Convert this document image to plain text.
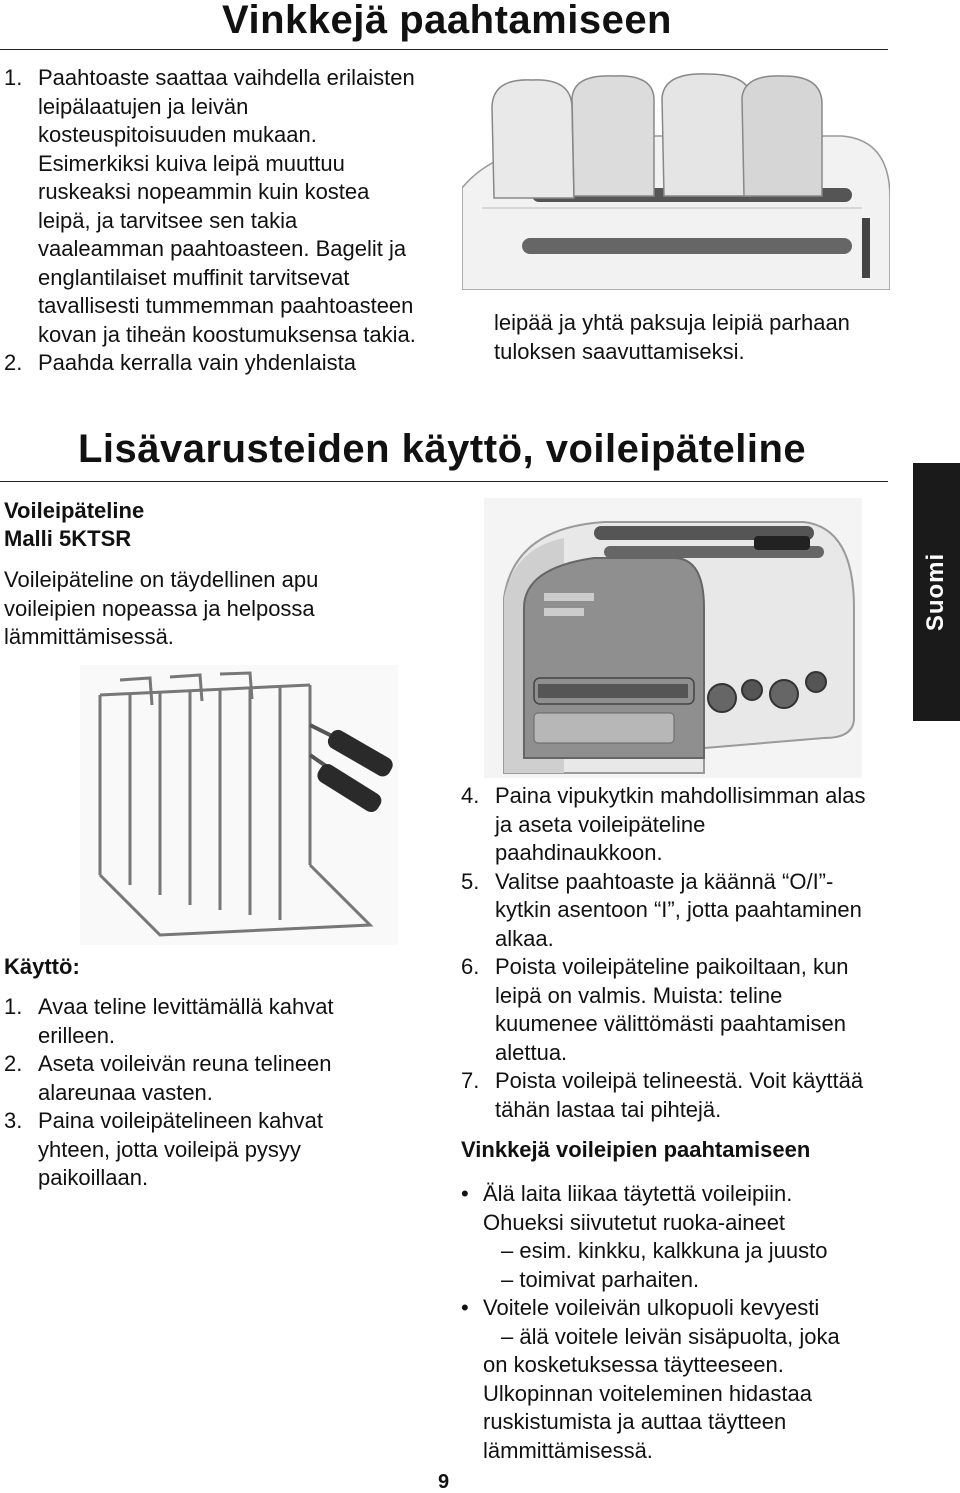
Vinkkejä paahtamiseen
1. Paahtoaste saattaa vaihdella erilaisten leipälaatujen ja leivän kosteuspitoisuuden mukaan. Esimerkiksi kuiva leipä muuttuu ruskeaksi nopeammin kuin kostea leipä, ja tarvitsee sen takia vaaleamman paahtoasteen. Bagelit ja englantilaiset muffinit tarvitsevat tavallisesti tummemman paahtoasteen kovan ja tiheän koostumuksensa takia.
2. Paahda kerralla vain yhdenlaista
leipää ja yhtä paksuja leipiä parhaan tuloksen saavuttamiseksi.
Lisävarusteiden käyttö, voileipäteline
Voileipäteline
Malli 5KTSR
Voileipäteline on täydellinen apu voileipien nopeassa ja helpossa lämmittämisessä.
Suomi
Käyttö:
1. Avaa teline levittämällä kahvat erilleen.
2. Aseta voileivän reuna telineen alareunaa vasten.
3. Paina voileipätelineen kahvat yhteen, jotta voileipä pysyy paikoillaan.
4. Paina vipukytkin mahdollisimman alas ja aseta voileipäteline paahdinaukkoon.
5. Valitse paahtoaste ja käännä “O/I”-kytkin asentoon “I”, jotta paahtaminen alkaa.
6. Poista voileipäteline paikoiltaan, kun leipä on valmis. Muista: teline kuumenee välittömästi paahtamisen alettua.
7. Poista voileipä telineestä. Voit käyttää tähän lastaa tai pihtejä.
Vinkkejä voileipien paahtamiseen
• Älä laita liikaa täytettä voileipiin. Ohueksi siivutetut ruoka-aineet
– esim. kinkku, kalkkuna ja juusto
– toimivat parhaiten.
• Voitele voileivän ulkopuoli kevyesti
– älä voitele leivän sisäpuolta, joka
on kosketuksessa täytteeseen. Ulkopinnan voiteleminen hidastaa ruskistumista ja auttaa täytteen lämmittämisessä.
9
